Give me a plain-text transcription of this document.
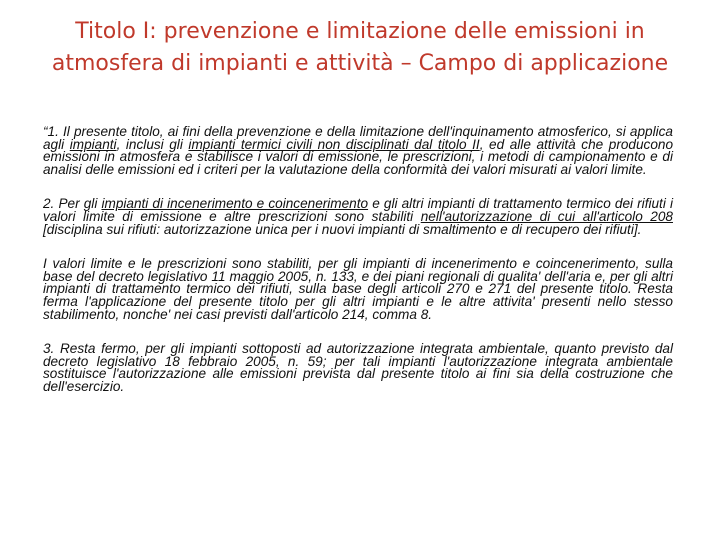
Titolo I: prevenzione e limitazione delle emissioni in atmosfera di impianti e attività – Campo di applicazione

“1. Il presente titolo, ai fini della prevenzione e della limitazione dell'inquinamento atmosferico, si applica agli impianti, inclusi gli impianti termici civili non disciplinati dal titolo II, ed alle attività che producono emissioni in atmosfera e stabilisce i valori di emissione, le prescrizioni, i metodi di campionamento e di analisi delle emissioni ed i criteri per la valutazione della conformità dei valori misurati ai valori limite.

2. Per gli impianti di incenerimento e coincenerimento e gli altri impianti di trattamento termico dei rifiuti i valori limite di emissione e altre prescrizioni sono stabiliti nell'autorizzazione di cui all'articolo 208 [disciplina sui rifiuti: autorizzazione unica per i nuovi impianti di smaltimento e di recupero dei rifiuti].

I valori limite e le prescrizioni sono stabiliti, per gli impianti di incenerimento e coincenerimento, sulla base del decreto legislativo 11 maggio 2005, n. 133, e dei piani regionali di qualita' dell'aria e, per gli altri impianti di trattamento termico dei rifiuti, sulla base degli articoli 270 e 271 del presente titolo. Resta ferma l'applicazione del presente titolo per gli altri impianti e le altre attivita' presenti nello stesso stabilimento, nonche' nei casi previsti dall'articolo 214, comma 8.

3. Resta fermo, per gli impianti sottoposti ad autorizzazione integrata ambientale, quanto previsto dal decreto legislativo 18 febbraio 2005, n. 59; per tali impianti l'autorizzazione integrata ambientale sostituisce l'autorizzazione alle emissioni prevista dal presente titolo ai fini sia della costruzione che dell'esercizio.
